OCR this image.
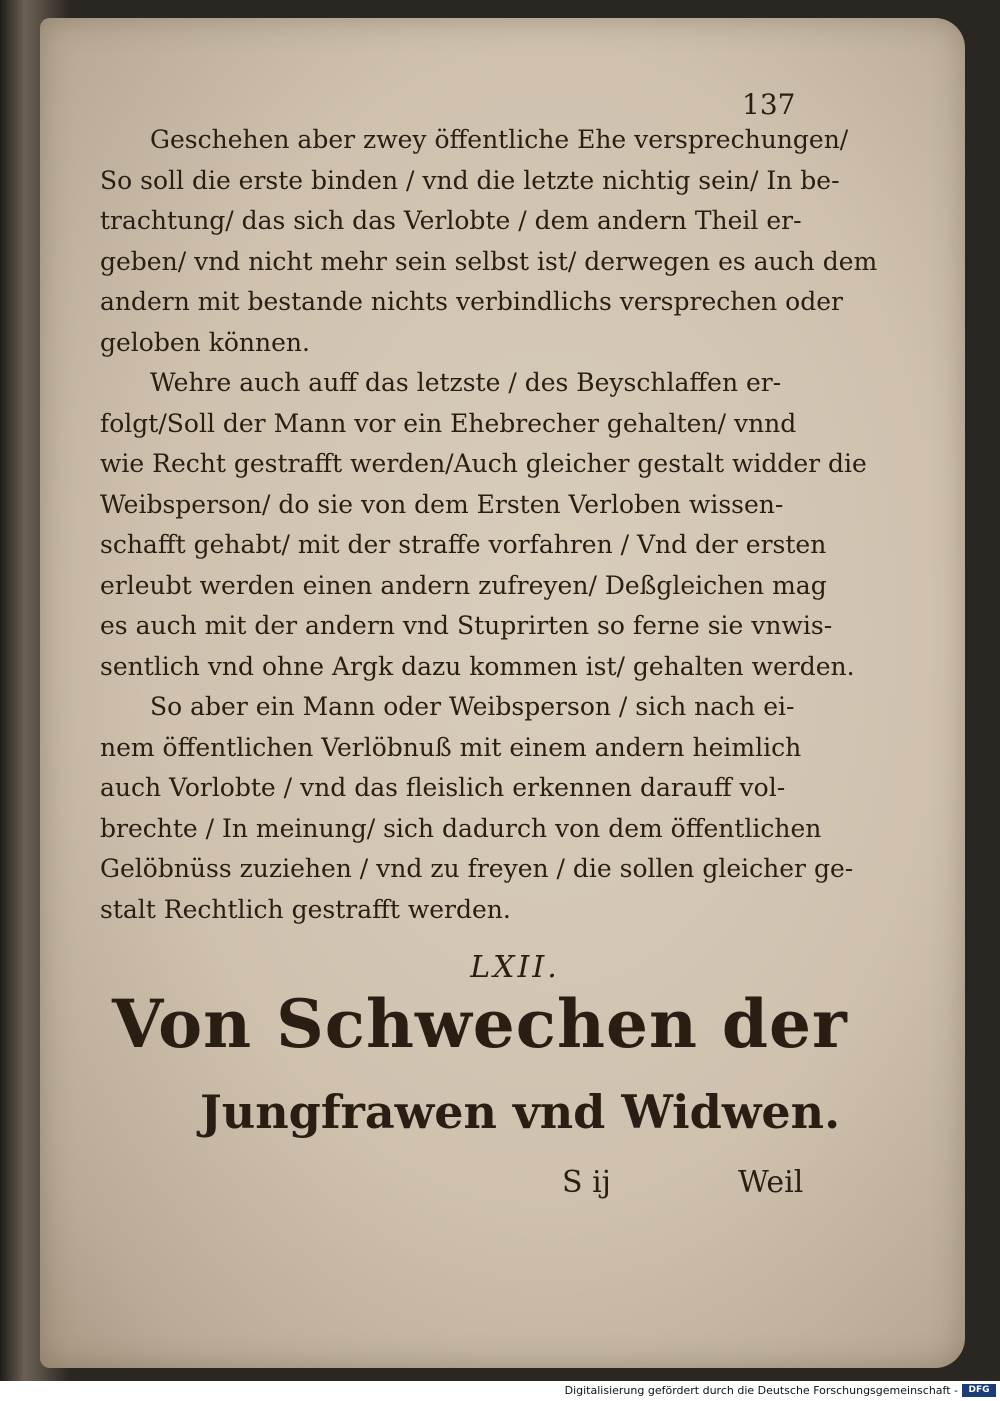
137

Geschehen aber zwey öffentliche Ehe versprechungen/
So soll die erste binden / vnd die letzte nichtig sein/ In be-
trachtung/ das sich das Verlobte / dem andern Theil er-
geben/ vnd nicht mehr sein selbst ist/ derwegen es auch dem
andern mit bestande nichts verbindlichs versprechen oder
geloben können.

Wehre auch auff das letzste / des Beyschlaffen er-
folgt/Soll der Mann vor ein Ehebrecher gehalten/ vnnd
wie Recht gestrafft werden/Auch gleicher gestalt widder die
Weibsperson/ do sie von dem Ersten Verloben wissen-
schafft gehabt/ mit der straffe vorfahren / Vnd der ersten
erleubt werden einen andern zufreyen/ Deßgleichen mag
es auch mit der andern vnd Stuprirten so ferne sie vnwis-
sentlich vnd ohne Argk dazu kommen ist/ gehalten werden.

So aber ein Mann oder Weibsperson / sich nach ei-
nem öffentlichen Verlöbnuß mit einem andern heimlich
auch Vorlobte / vnd das fleislich erkennen darauff vol-
brechte / In meinung/ sich dadurch von dem öffentlichen
Gelöbnüss zuziehen / vnd zu freyen / die sollen gleicher ge-
stalt Rechtlich gestrafft werden.

LXII.
Von Schwechen der
Jungfrawen vnd Widwen.
S ij	Weil
Digitalisierung gefördert durch die Deutsche Forschungsgemeinschaft -	DFG
